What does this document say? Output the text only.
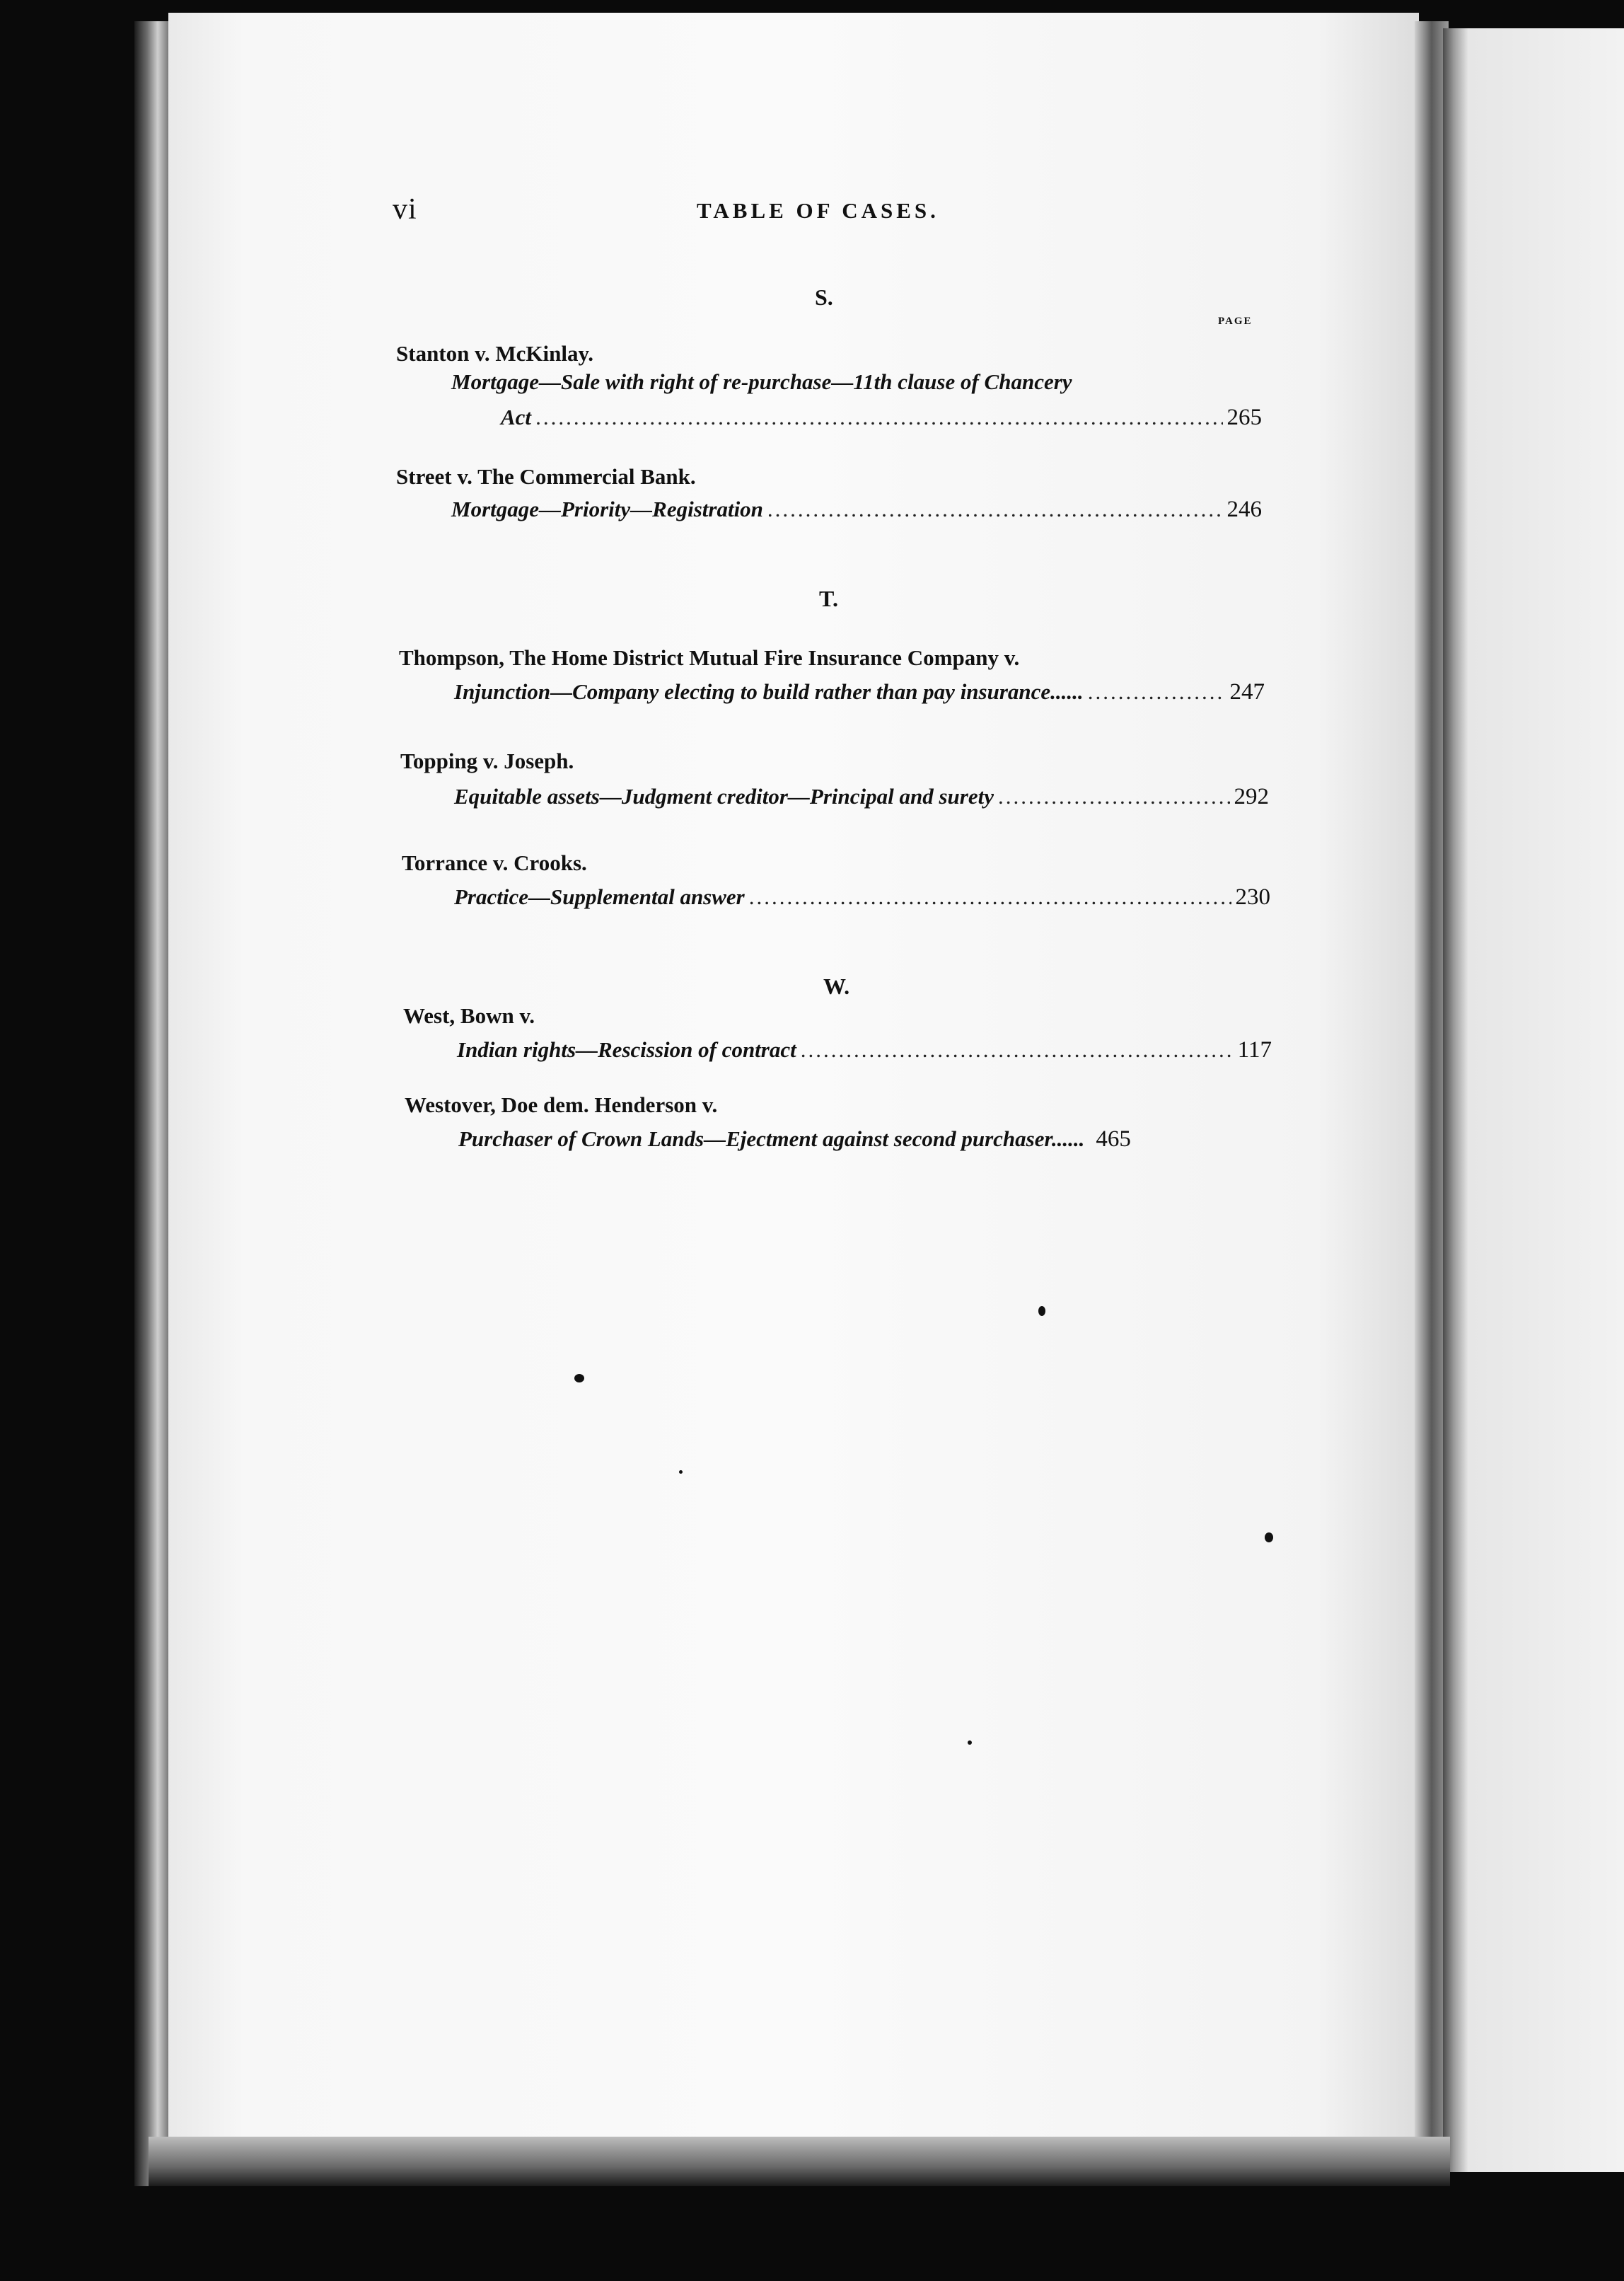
vi	TABLE OF CASES.
S.
PAGE
Stanton v. McKinlay.
Mortgage—Sale with right of re-purchase—11th clause of Chancery
Act .....	265
Street v. The Commercial Bank.
Mortgage—Priority—Registration .....	246
T.
Thompson, The Home District Mutual Fire Insurance Company v.
Injunction—Company electing to build rather than pay insurance...... .....	247
Topping v. Joseph.
Equitable assets—Judgment creditor—Principal and surety .....	292
Torrance v. Crooks.
Practice—Supplemental answer .....	230
W.
West, Bown v.
Indian rights—Rescission of contract .....	117
Westover, Doe dem. Henderson v.
Purchaser of Crown Lands—Ejectment against second purchaser...... 465
